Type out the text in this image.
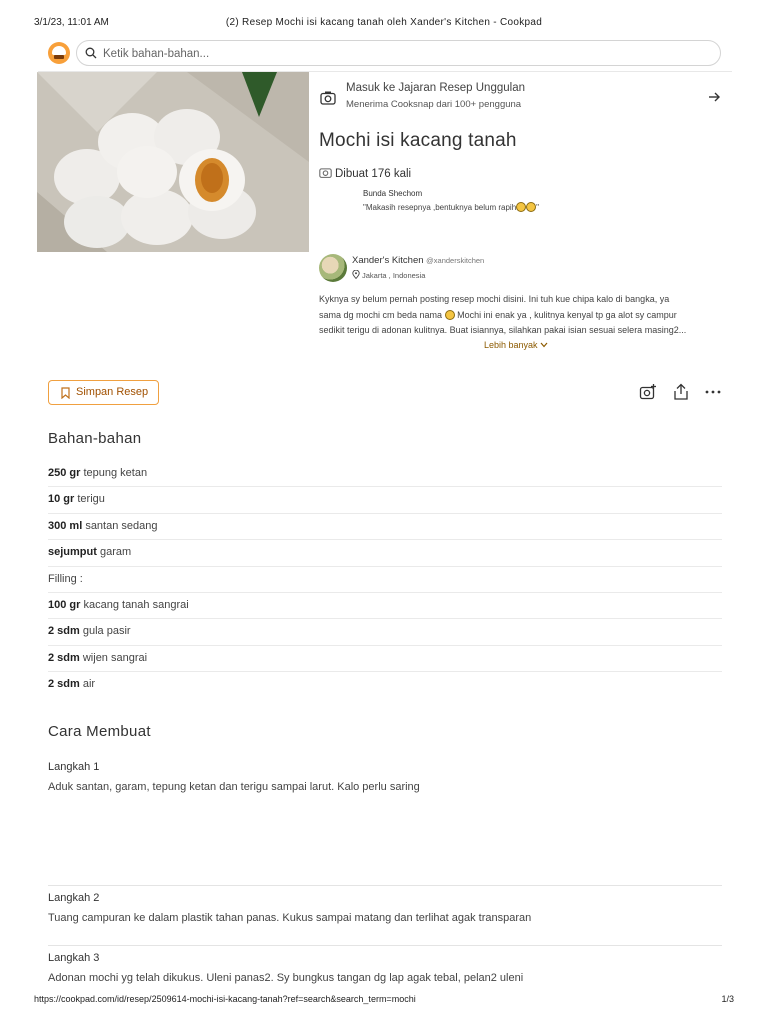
3/1/23, 11:01 AM	(2) Resep Mochi isi kacang tanah oleh Xander's Kitchen - Cookpad
Ketik bahan-bahan...
Masuk ke Jajaran Resep Unggulan
Menerima Cooksnap dari 100+ pengguna
Mochi isi kacang tanah
Dibuat 176 kali
Bunda Shechom
"Makasih resepnya ,bentuknya belum rapih	"
Xander's Kitchen @xanderskitchen
Jakarta , Indonesia
Kyknya sy belum pernah posting resep mochi disini. Ini tuh kue chipa kalo di bangka, ya
sama dg mochi cm beda nama Mochi ini enak ya , kulitnya kenyal tp ga alot sy campur
sedikit terigu di adonan kulitnya. Buat isiannya, silahkan pakai isian sesuai selera masing2...
Lebih banyak
Simpan Resep
Bahan-bahan
250 gr tepung ketan
10 gr terigu
300 ml santan sedang
sejumput garam
Filling :
100 gr kacang tanah sangrai
2 sdm gula pasir
2 sdm wijen sangrai
2 sdm air
Cara Membuat
Langkah 1
Aduk santan, garam, tepung ketan dan terigu sampai larut. Kalo perlu saring
Langkah 2
Tuang campuran ke dalam plastik tahan panas. Kukus sampai matang dan terlihat agak transparan
Langkah 3
Adonan mochi yg telah dikukus. Uleni panas2. Sy bungkus tangan dg lap agak tebal, pelan2 uleni
https://cookpad.com/id/resep/2509614-mochi-isi-kacang-tanah?ref=search&search_term=mochi	1/3
